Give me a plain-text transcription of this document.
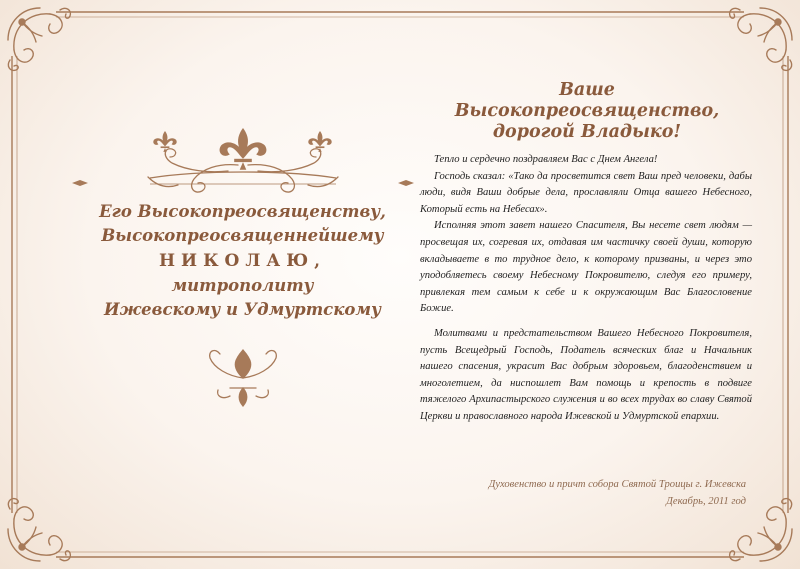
Его Высокопреосвященству,
Высокопреосвященнейшему
НИКОЛАЮ,
митрополиту
Ижевскому и Удмуртскому
Ваше Высокопреосвященство,
дорогой Владыко!

Тепло и сердечно поздравляем Вас с Днем Ангела!

Господь сказал: «Тако да просветится свет Ваш пред человеки, дабы люди, видя Ваши добрые дела, прославляли Отца вашего Небесного, Который есть на Небесах».

Исполняя этот завет нашего Спасителя, Вы несете свет людям — просвещая их, согревая их, отдавая им частичку своей души, которую вкладываете в то трудное дело, к которому призваны, и через это уподобляетесь своему Небесному Покровителю, следуя его примеру, привлекая тем самым к себе и к окружающим Вас Благословение Божие.

Молитвами и предстательством Вашего Небесного Покровителя, пусть Всещедрый Господь, Податель всяческих благ и Начальник нашего спасения, украсит Вас добрым здоровьем, благоденствием и многолетием, да ниспошлет Вам помощь и крепость в подвиге тяжелого Архипастырского служения и во всех трудах во славу Святой Церкви и православного народа Ижевской и Удмуртской епархии.

Духовенство и причт собора Святой Троицы г. Ижевска
Декабрь, 2011 год
